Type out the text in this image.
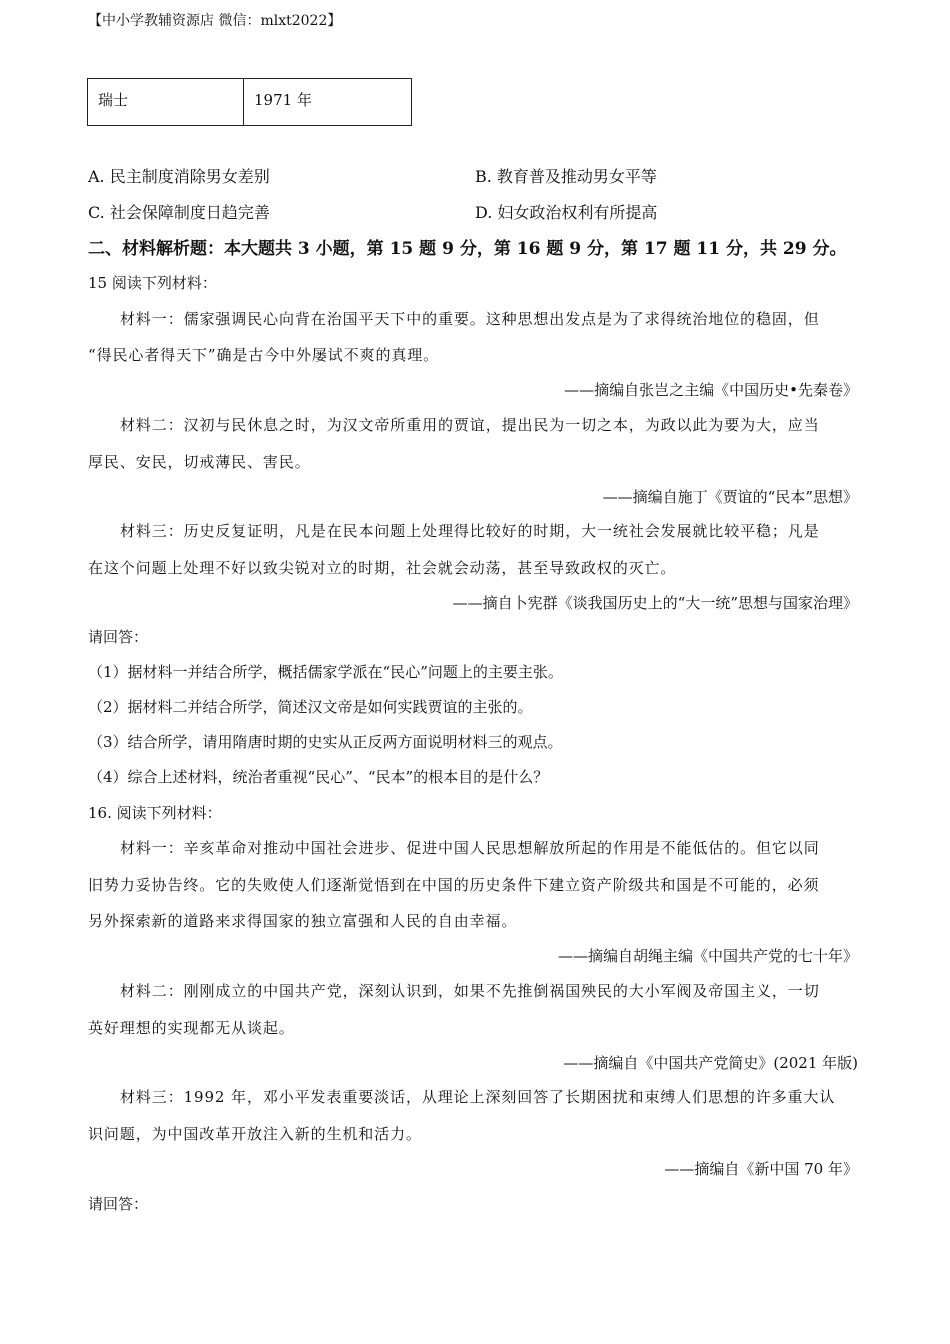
【中小学教辅资源店 微信：mlxt2022】
瑞士	1971 年
A. 民主制度消除男女差别	B. 教育普及推动男女平等
C. 社会保障制度日趋完善	D. 妇女政治权利有所提高
二、材料解析题：本大题共 3 小题，第 15 题 9 分，第 16 题 9 分，第 17 题 11 分，共 29 分。
15 阅读下列材料：
材料一：儒家强调民心向背在治国平天下中的重要。这种思想出发点是为了求得统治地位的稳固，但
“得民心者得天下”确是古今中外屡试不爽的真理。
——摘编自张岂之主编《中国历史•先秦卷》
材料二：汉初与民休息之时，为汉文帝所重用的贾谊，提出民为一切之本，为政以此为要为大，应当
厚民、安民，切戒薄民、害民。
——摘编自施丁《贾谊的“民本”思想》
材料三：历史反复证明，凡是在民本问题上处理得比较好的时期，大一统社会发展就比较平稳；凡是
在这个问题上处理不好以致尖锐对立的时期，社会就会动荡，甚至导致政权的灭亡。
——摘自卜宪群《谈我国历史上的“大一统”思想与国家治理》
请回答：
（1）据材料一并结合所学，概括儒家学派在“民心”问题上的主要主张。
（2）据材料二并结合所学，简述汉文帝是如何实践贾谊的主张的。
（3）结合所学，请用隋唐时期的史实从正反两方面说明材料三的观点。
（4）综合上述材料，统治者重视“民心”、“民本”的根本目的是什么？
16. 阅读下列材料：
材料一：辛亥革命对推动中国社会进步、促进中国人民思想解放所起的作用是不能低估的。但它以同
旧势力妥协告终。它的失败使人们逐渐觉悟到在中国的历史条件下建立资产阶级共和国是不可能的，必须
另外探索新的道路来求得国家的独立富强和人民的自由幸福。
——摘编自胡绳主编《中国共产党的七十年》
材料二：刚刚成立的中国共产党，深刻认识到，如果不先推倒祸国殃民的大小军阀及帝国主义，一切
英好理想的实现都无从谈起。
——摘编自《中国共产党简史》(2021 年版)
材料三：1992 年，邓小平发表重要淡话，从理论上深刻回答了长期困扰和束缚人们思想的许多重大认
识问题，为中国改革开放注入新的生机和活力。
——摘编自《新中国 70 年》
请回答：
